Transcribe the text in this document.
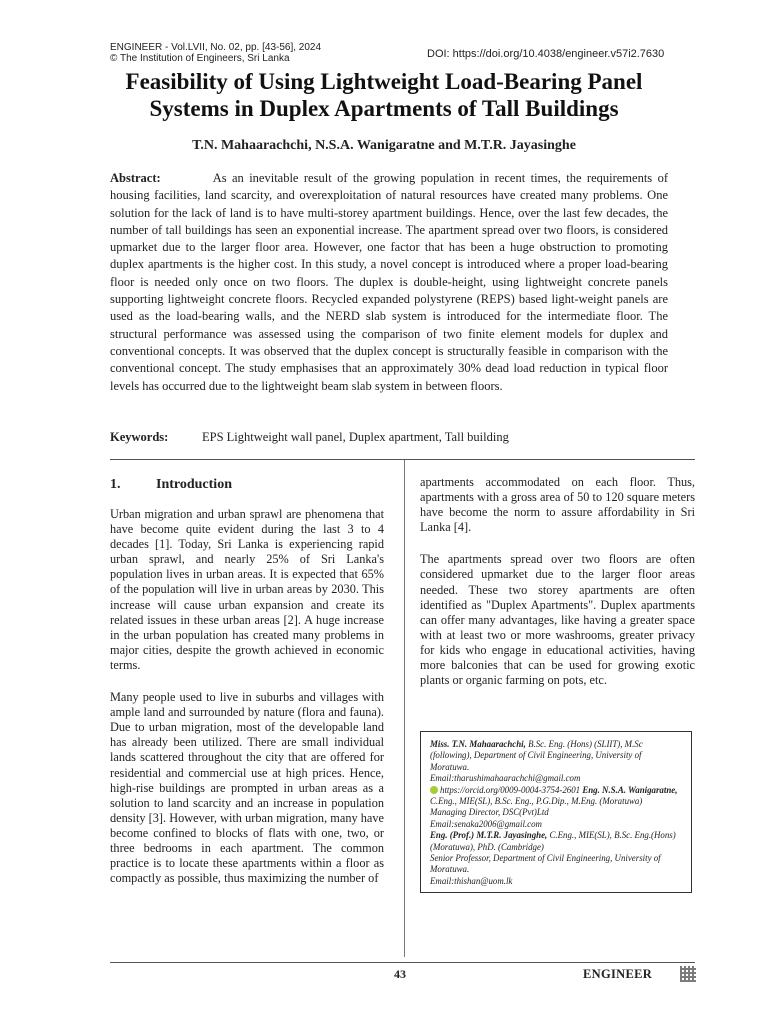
ENGINEER - Vol.LVII, No. 02, pp. [43-56], 2024
© The Institution of Engineers, Sri Lanka	DOI: https://doi.org/10.4038/engineer.v57i2.7630
Feasibility of Using Lightweight Load-Bearing Panel
Systems in Duplex Apartments of Tall Buildings
T.N. Mahaarachchi, N.S.A. Wanigaratne and M.T.R. Jayasinghe
Abstract:	As an inevitable result of the growing population in recent times, the requirements of housing facilities, land scarcity, and overexploitation of natural resources have created many problems. One solution for the lack of land is to have multi-storey apartment buildings. Hence, over the last few decades, the number of tall buildings has seen an exponential increase. The apartment spread over two floors, is considered upmarket due to the larger floor area. However, one factor that has been a huge obstruction to promoting duplex apartments is the higher cost. In this study, a novel concept is introduced where a proper load-bearing floor is needed only once on two floors. The duplex is double-height, using lightweight concrete panels supporting lightweight concrete floors. Recycled expanded polystyrene (REPS) based light-weight panels are used as the load-bearing walls, and the NERD slab system is introduced for the intermediate floor. The structural performance was assessed using the comparison of two finite element models for duplex and conventional concepts. It was observed that the duplex concept is structurally feasible in comparison with the conventional concept. The study emphasises that an approximately 30% dead load reduction in typical floor levels has occurred due to the lightweight beam slab system in between floors.
Keywords:	EPS Lightweight wall panel, Duplex apartment, Tall building
1.	Introduction

Urban migration and urban sprawl are phenomena that have become quite evident during the last 3 to 4 decades [1]. Today, Sri Lanka is experiencing rapid urban sprawl, and nearly 25% of Sri Lanka's population lives in urban areas. It is expected that 65% of the population will live in urban areas by 2030. This increase will cause urban expansion and create its related issues in these urban areas [2]. A huge increase in the urban population has created many problems in major cities, despite the growth achieved in economic terms.

Many people used to live in suburbs and villages with ample land and surrounded by nature (flora and fauna). Due to urban migration, most of the developable land has already been utilized. There are small individual lands scattered throughout the city that are offered for residential and commercial use at high prices. Hence, high-rise buildings are prompted in urban areas as a solution to land scarcity and an increase in population density [3]. However, with urban migration, many have become confined to blocks of flats with one, two, or three bedrooms in each apartment. The common practice is to locate these apartments within a floor as compactly as possible, thus maximizing the number of

apartments accommodated on each floor. Thus, apartments with a gross area of 50 to 120 square meters have become the norm to assure affordability in Sri Lanka [4].

The apartments spread over two floors are often considered upmarket due to the larger floor areas needed. These two storey apartments are often identified as "Duplex Apartments". Duplex apartments can offer many advantages, like having a greater space with at least two or more washrooms, greater privacy for kids who engage in educational activities, having more balconies that can be used for growing exotic plants or organic farming on pots, etc.

Miss. T.N. Mahaarachchi, B.Sc. Eng. (Hons) (SLIIT), M.Sc (following), Department of Civil Engineering, University of Moratuwa.
Email:tharushimahaarachchi@gmail.com
https://orcid.org/0009-0004-3754-2601 Eng. N.S.A. Wanigaratne, C.Eng., MIE(SL), B.Sc. Eng., P.G.Dip., M.Eng. (Moratuwa)
Managing Director, DSC(Pvt)Ltd
Email:senaka2006@gmail.com
Eng. (Prof.) M.T.R. Jayasinghe, C.Eng., MIE(SL), B.Sc. Eng.(Hons) (Moratuwa), PhD. (Cambridge)
Senior Professor, Department of Civil Engineering, University of Moratuwa.
Email:thishan@uom.lk
43	ENGINEER
